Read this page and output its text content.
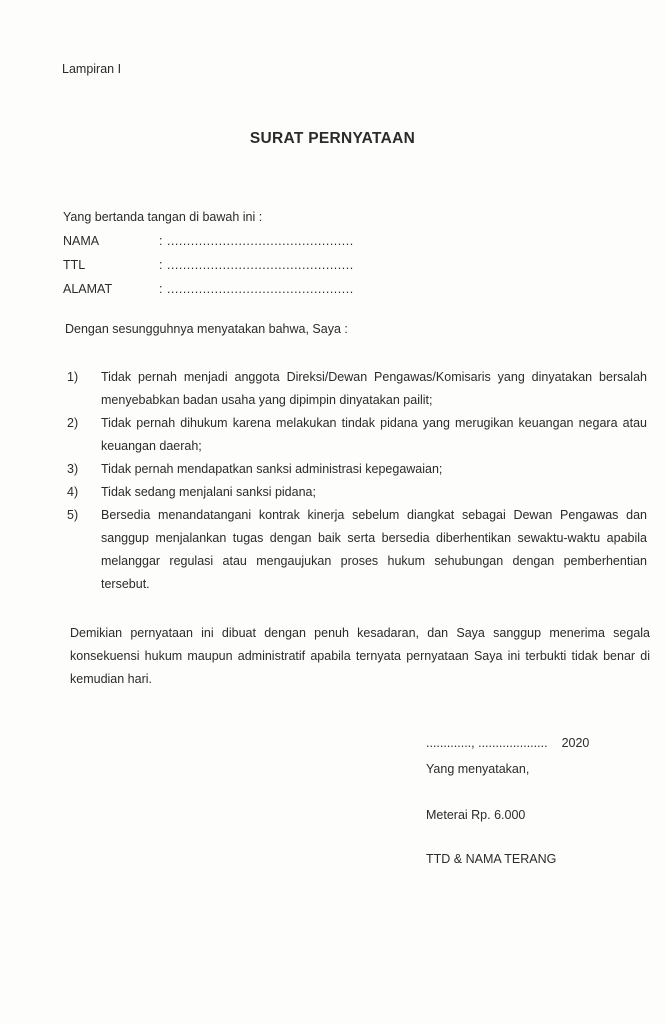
Lampiran I
SURAT PERNYATAAN
Yang bertanda tangan di bawah ini :
NAMA	: ...............................................
TTL	: ...............................................
ALAMAT	: ...............................................
Dengan sesungguhnya menyatakan bahwa, Saya :
1) Tidak pernah menjadi anggota Direksi/Dewan Pengawas/Komisaris yang dinyatakan bersalah menyebabkan badan usaha yang dipimpin dinyatakan pailit;
2) Tidak pernah dihukum karena melakukan tindak pidana yang merugikan keuangan negara atau keuangan daerah;
3) Tidak pernah mendapatkan sanksi administrasi kepegawaian;
4) Tidak sedang menjalani sanksi pidana;
5) Bersedia menandatangani kontrak kinerja sebelum diangkat sebagai Dewan Pengawas dan sanggup menjalankan tugas dengan baik serta bersedia diberhentikan sewaktu-waktu apabila melanggar regulasi atau mengaujukan proses hukum sehubungan dengan pemberhentian tersebut.
Demikian pernyataan ini dibuat dengan penuh kesadaran, dan Saya sanggup menerima segala konsekuensi hukum maupun administratif apabila ternyata pernyataan Saya ini terbukti tidak benar di kemudian hari.
............., .................... 2020
Yang menyatakan,
Meterai Rp. 6.000
TTD & NAMA TERANG
